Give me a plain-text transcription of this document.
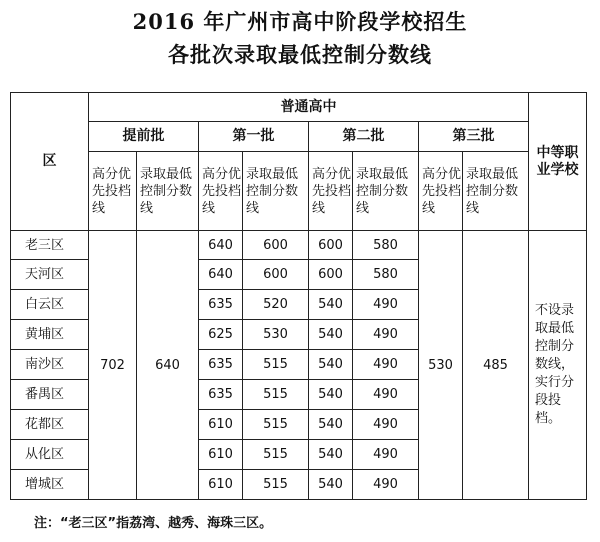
2016 年广州市高中阶段学校招生
各批次录取最低控制分数线
区	普通高中								中等职业学校

	提前批		第一批		第二批		第三批		
	高分优先投档线	录取最低控制分数线	高分优先投档线	录取最低控制分数线	高分优先投档线	录取最低控制分数线	高分优先投档线	录取最低控制分数线	
老三区	702	640	640	600	600	580	530	485	不设录取最低控制分数线，实行分段投档。
天河区			640	600	600	580			
白云区			635	520	540	490			
黄埔区			625	530	540	490			
南沙区			635	515	540	490			
番禺区			635	515	540	490			
花都区			610	515	540	490			
从化区			610	515	540	490			
增城区			610	515	540	490			
注：“老三区”指荔湾、越秀、海珠三区。
